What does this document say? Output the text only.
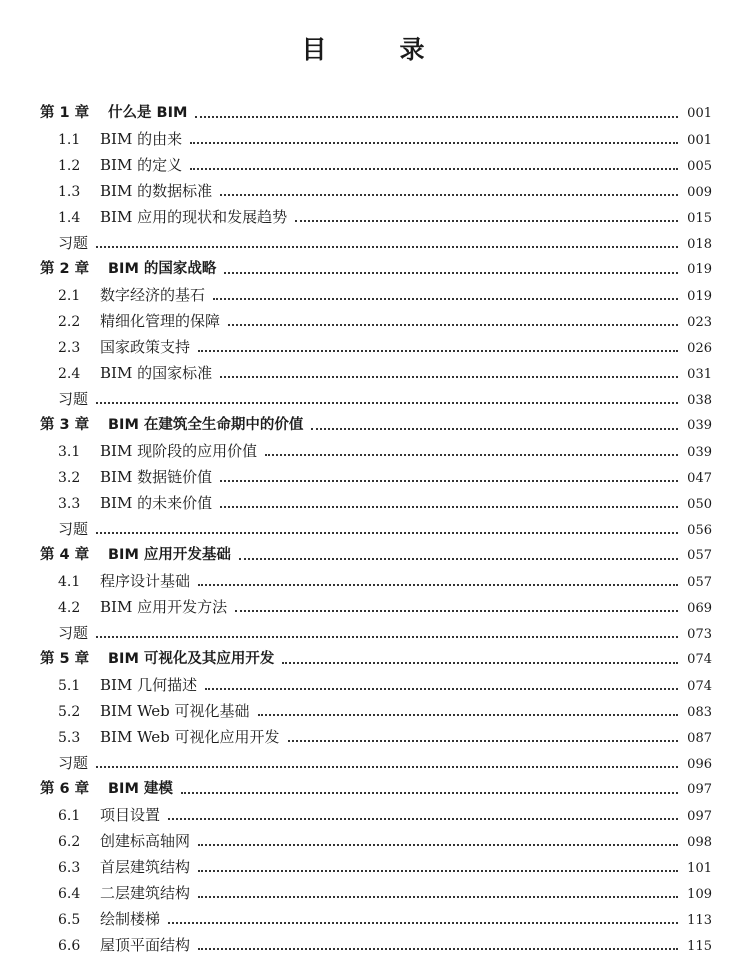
目　录
第 1 章	什么是 BIM	001
1.1	BIM 的由来	001
1.2	BIM 的定义	005
1.3	BIM 的数据标准	009
1.4	BIM 应用的现状和发展趋势	015
习题	018
第 2 章	BIM 的国家战略	019
2.1	数字经济的基石	019
2.2	精细化管理的保障	023
2.3	国家政策支持	026
2.4	BIM 的国家标准	031
习题	038
第 3 章	BIM 在建筑全生命期中的价值	039
3.1	BIM 现阶段的应用价值	039
3.2	BIM 数据链价值	047
3.3	BIM 的未来价值	050
习题	056
第 4 章	BIM 应用开发基础	057
4.1	程序设计基础	057
4.2	BIM 应用开发方法	069
习题	073
第 5 章	BIM 可视化及其应用开发	074
5.1	BIM 几何描述	074
5.2	BIM Web 可视化基础	083
5.3	BIM Web 可视化应用开发	087
习题	096
第 6 章	BIM 建模	097
6.1	项目设置	097
6.2	创建标高轴网	098
6.3	首层建筑结构	101
6.4	二层建筑结构	109
6.5	绘制楼梯	113
6.6	屋顶平面结构	115
